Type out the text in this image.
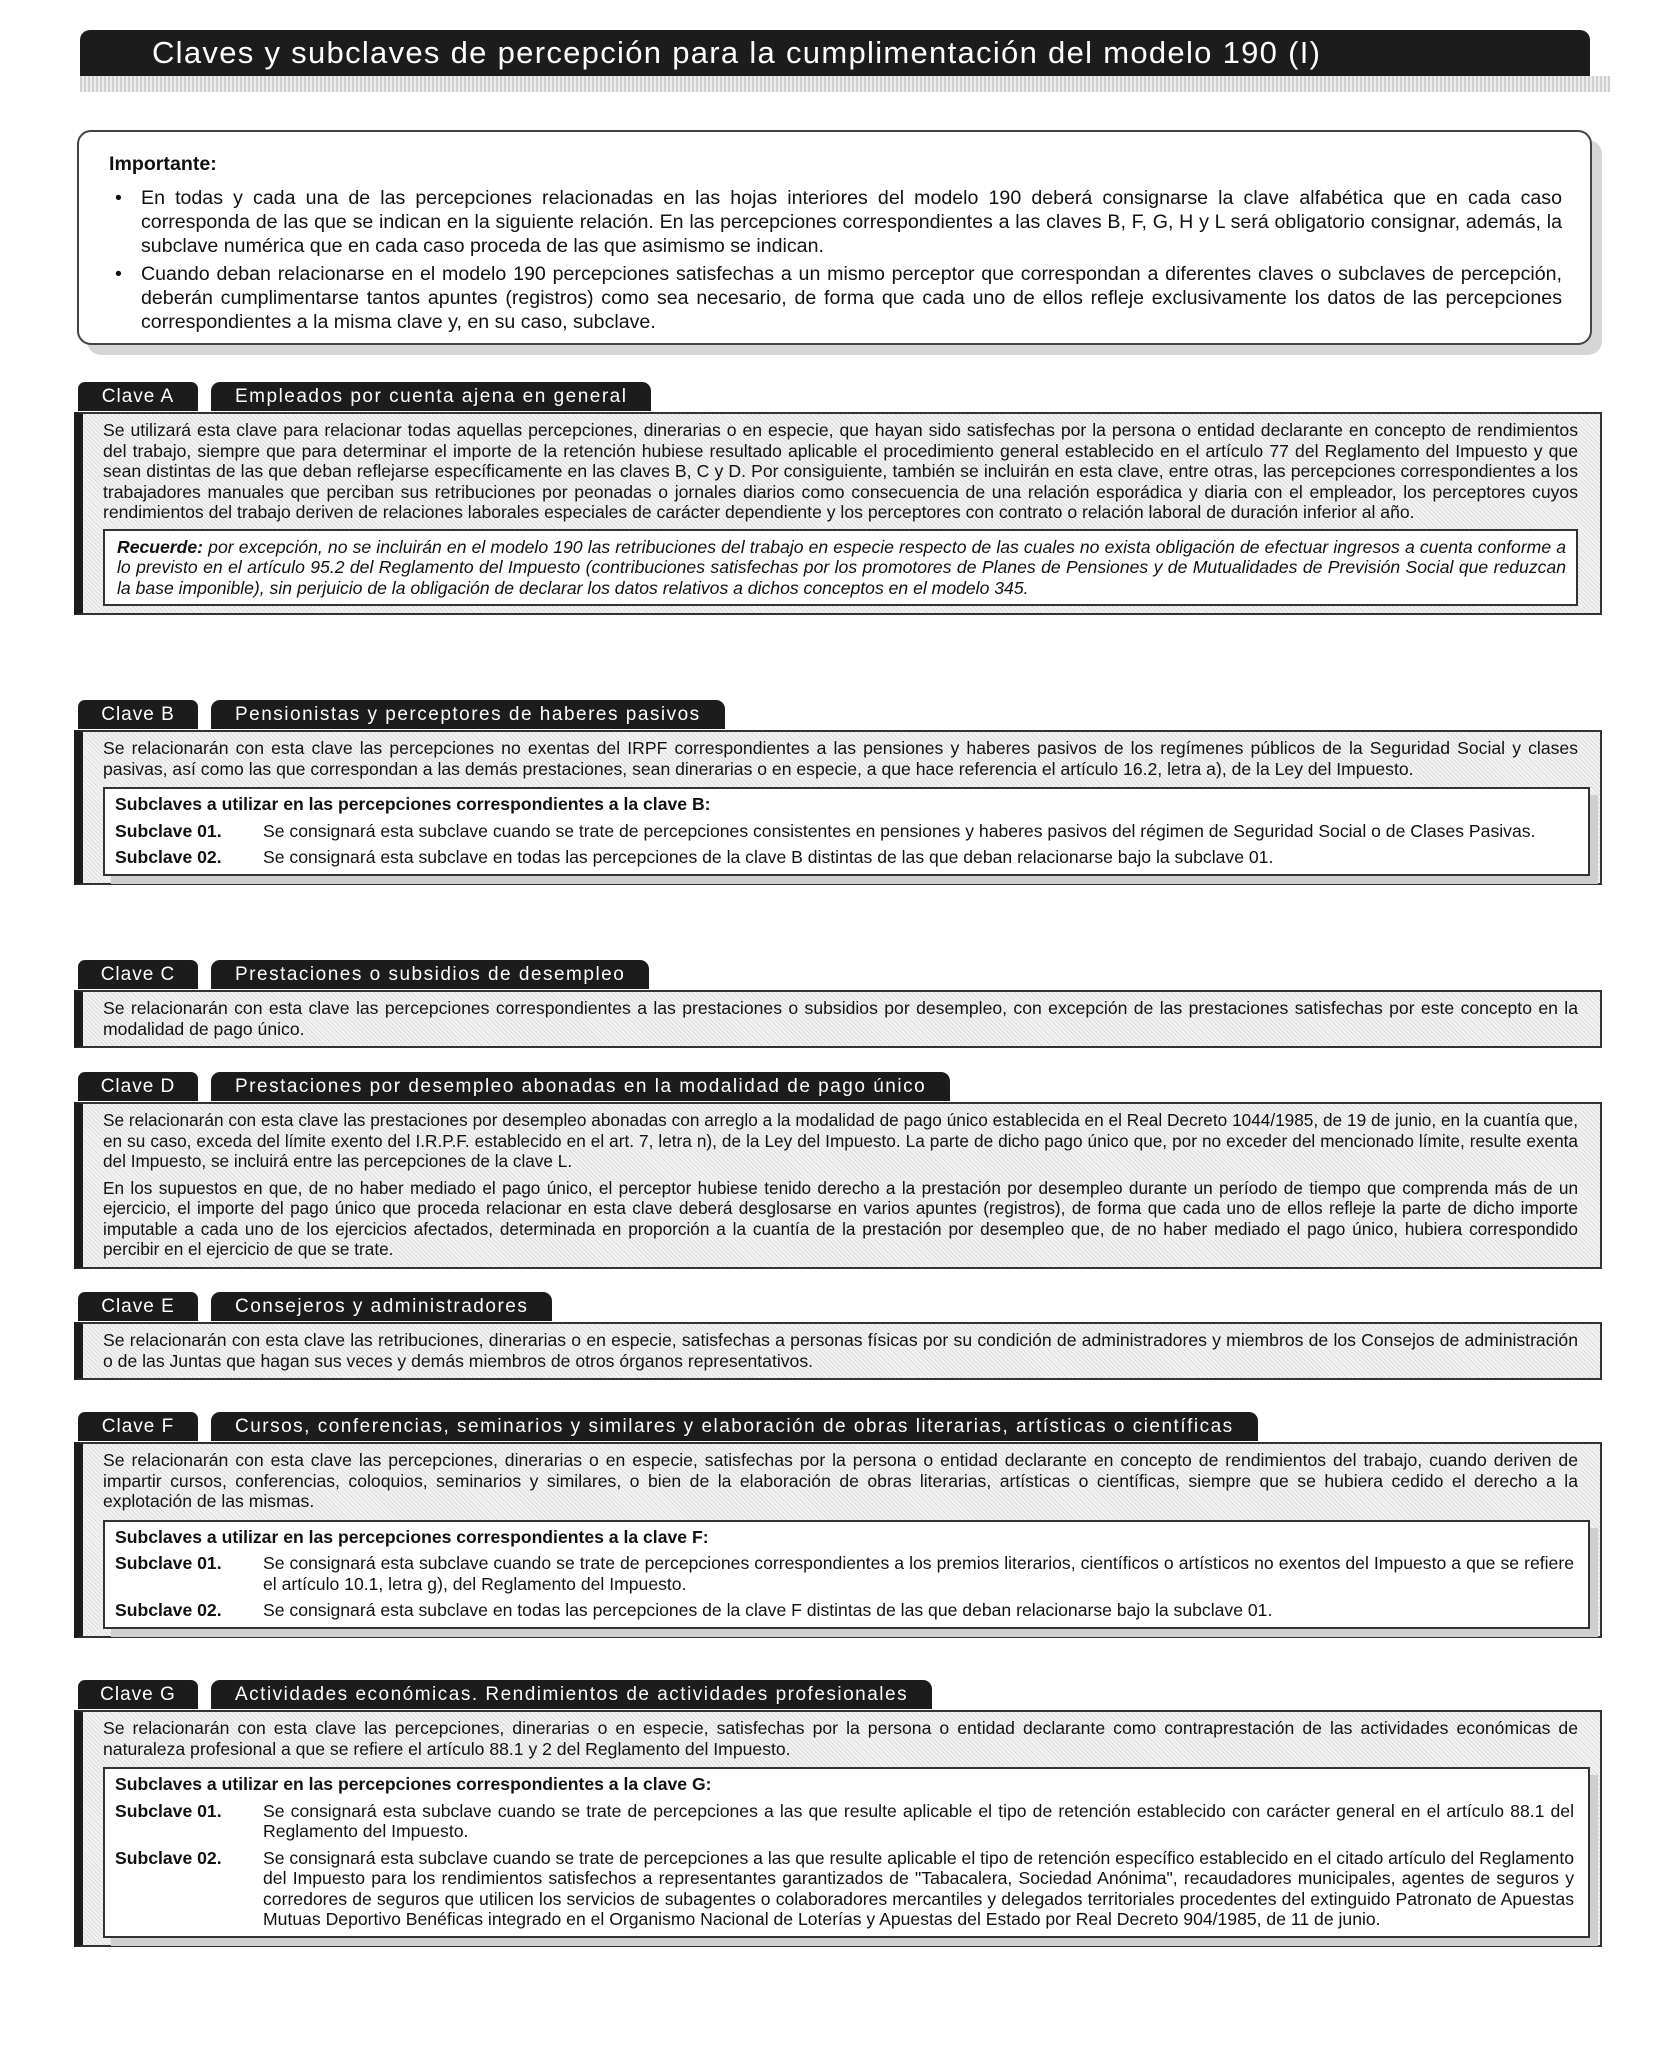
Claves y subclaves de percepción para la cumplimentación del modelo 190 (I)
Importante:
• En todas y cada una de las percepciones relacionadas en las hojas interiores del modelo 190 deberá consignarse la clave alfabética que en cada caso corresponda de las que se indican en la siguiente relación. En las percepciones correspondientes a las claves B, F, G, H y L será obligatorio consignar, además, la subclave numérica que en cada caso proceda de las que asimismo se indican.
• Cuando deban relacionarse en el modelo 190 percepciones satisfechas a un mismo perceptor que correspondan a diferentes claves o subclaves de percepción, deberán cumplimentarse tantos apuntes (registros) como sea necesario, de forma que cada uno de ellos refleje exclusivamente los datos de las percepciones correspondientes a la misma clave y, en su caso, subclave.
Clave A	Empleados por cuenta ajena en general

Se utilizará esta clave para relacionar todas aquellas percepciones, dinerarias o en especie, que hayan sido satisfechas por la persona o entidad declarante en concepto de rendimientos del trabajo, siempre que para determinar el importe de la retención hubiese resultado aplicable el procedimiento general establecido en el artículo 77 del Reglamento del Impuesto y que sean distintas de las que deban reflejarse específicamente en las claves B, C y D. Por consiguiente, también se incluirán en esta clave, entre otras, las percepciones correspondientes a los trabajadores manuales que perciban sus retribuciones por peonadas o jornales diarios como consecuencia de una relación esporádica y diaria con el empleador, los perceptores cuyos rendimientos del trabajo deriven de relaciones laborales especiales de carácter dependiente y los perceptores con contrato o relación laboral de duración inferior al año.

Recuerde: por excepción, no se incluirán en el modelo 190 las retribuciones del trabajo en especie respecto de las cuales no exista obligación de efectuar ingresos a cuenta conforme a lo previsto en el artículo 95.2 del Reglamento del Impuesto (contribuciones satisfechas por los promotores de Planes de Pensiones y de Mutualidades de Previsión Social que reduzcan la base imponible), sin perjuicio de la obligación de declarar los datos relativos a dichos conceptos en el modelo 345.
Clave B	Pensionistas y perceptores de haberes pasivos

Se relacionarán con esta clave las percepciones no exentas del IRPF correspondientes a las pensiones y haberes pasivos de los regímenes públicos de la Seguridad Social y clases pasivas, así como las que correspondan a las demás prestaciones, sean dinerarias o en especie, a que hace referencia el artículo 16.2, letra a), de la Ley del Impuesto.

Subclaves a utilizar en las percepciones correspondientes a la clave B:
Subclave 01.	Se consignará esta subclave cuando se trate de percepciones consistentes en pensiones y haberes pasivos del régimen de Seguridad Social o de Clases Pasivas.
Subclave 02.	Se consignará esta subclave en todas las percepciones de la clave B distintas de las que deban relacionarse bajo la subclave 01.
Clave C	Prestaciones o subsidios de desempleo

Se relacionarán con esta clave las percepciones correspondientes a las prestaciones o subsidios por desempleo, con excepción de las prestaciones satisfechas por este concepto en la modalidad de pago único.

Clave D	Prestaciones por desempleo abonadas en la modalidad de pago único

Se relacionarán con esta clave las prestaciones por desempleo abonadas con arreglo a la modalidad de pago único establecida en el Real Decreto 1044/1985, de 19 de junio, en la cuantía que, en su caso, exceda del límite exento del I.R.P.F. establecido en el art. 7, letra n), de la Ley del Impuesto. La parte de dicho pago único que, por no exceder del mencionado límite, resulte exenta del Impuesto, se incluirá entre las percepciones de la clave L.

En los supuestos en que, de no haber mediado el pago único, el perceptor hubiese tenido derecho a la prestación por desempleo durante un período de tiempo que comprenda más de un ejercicio, el importe del pago único que proceda relacionar en esta clave deberá desglosarse en varios apuntes (registros), de forma que cada uno de ellos refleje la parte de dicho importe imputable a cada uno de los ejercicios afectados, determinada en proporción a la cuantía de la prestación por desempleo que, de no haber mediado el pago único, hubiera correspondido percibir en el ejercicio de que se trate.

Clave E	Consejeros y administradores

Se relacionarán con esta clave las retribuciones, dinerarias o en especie, satisfechas a personas físicas por su condición de administradores y miembros de los Consejos de administración o de las Juntas que hagan sus veces y demás miembros de otros órganos representativos.

Clave F	Cursos, conferencias, seminarios y similares y elaboración de obras literarias, artísticas o científicas

Se relacionarán con esta clave las percepciones, dinerarias o en especie, satisfechas por la persona o entidad declarante en concepto de rendimientos del trabajo, cuando deriven de impartir cursos, conferencias, coloquios, seminarios y similares, o bien de la elaboración de obras literarias, artísticas o científicas, siempre que se hubiera cedido el derecho a la explotación de las mismas.

Subclaves a utilizar en las percepciones correspondientes a la clave F:
Subclave 01.	Se consignará esta subclave cuando se trate de percepciones correspondientes a los premios literarios, científicos o artísticos no exentos del Impuesto a que se refiere el artículo 10.1, letra g), del Reglamento del Impuesto.
Subclave 02.	Se consignará esta subclave en todas las percepciones de la clave F distintas de las que deban relacionarse bajo la subclave 01.
Clave G	Actividades económicas. Rendimientos de actividades profesionales

Se relacionarán con esta clave las percepciones, dinerarias o en especie, satisfechas por la persona o entidad declarante como contraprestación de las actividades económicas de naturaleza profesional a que se refiere el artículo 88.1 y 2 del Reglamento del Impuesto.

Subclaves a utilizar en las percepciones correspondientes a la clave G:
Subclave 01.	Se consignará esta subclave cuando se trate de percepciones a las que resulte aplicable el tipo de retención establecido con carácter general en el artículo 88.1 del Reglamento del Impuesto.
Subclave 02.	Se consignará esta subclave cuando se trate de percepciones a las que resulte aplicable el tipo de retención específico establecido en el citado artículo del Reglamento del Impuesto para los rendimientos satisfechos a representantes garantizados de "Tabacalera, Sociedad Anónima", recaudadores municipales, agentes de seguros y corredores de seguros que utilicen los servicios de subagentes o colaboradores mercantiles y delegados territoriales procedentes del extinguido Patronato de Apuestas Mutuas Deportivo Benéficas integrado en el Organismo Nacional de Loterías y Apuestas del Estado por Real Decreto 904/1985, de 11 de junio.
